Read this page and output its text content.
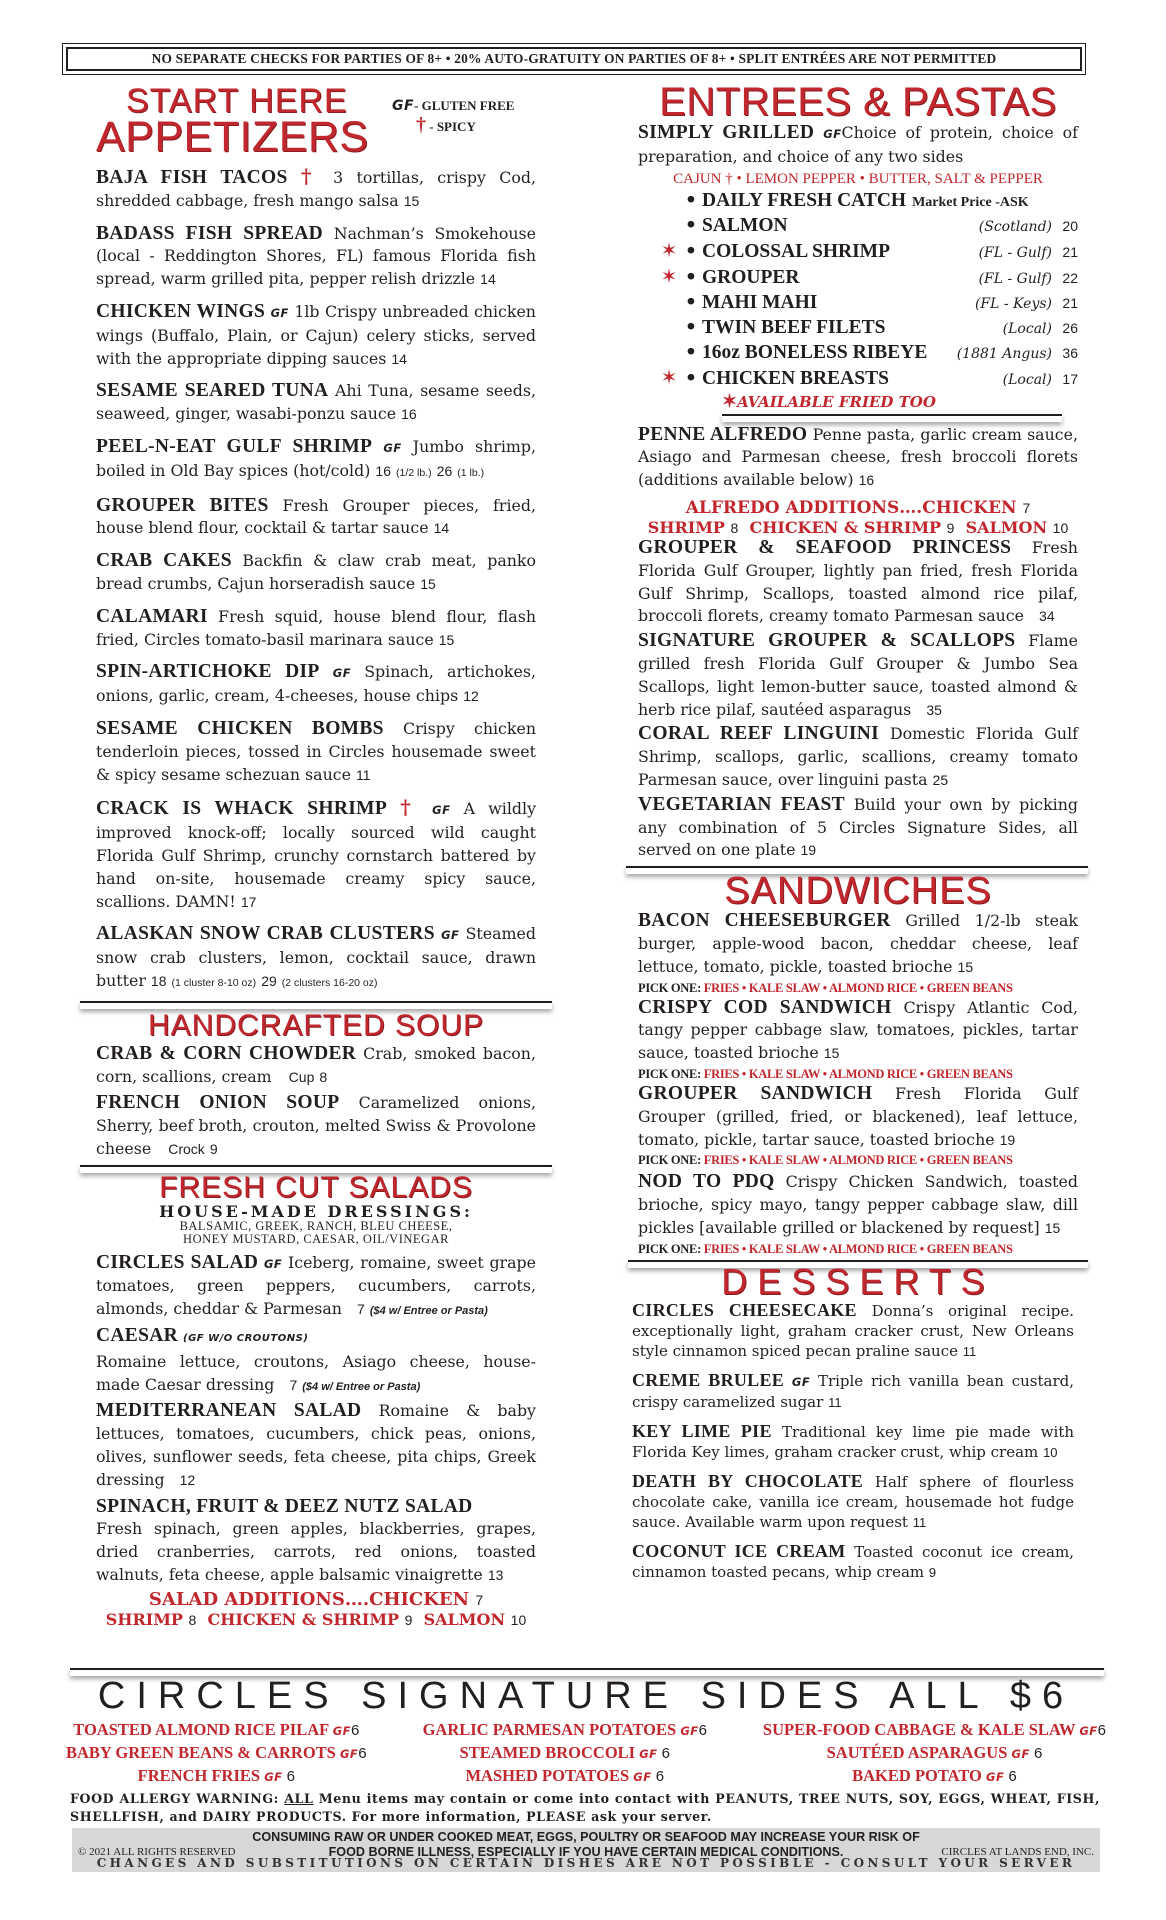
NO SEPARATE CHECKS FOR PARTIES OF 8+ • 20% AUTO-GRATUITY ON PARTIES OF 8+ • SPLIT ENTRÉES ARE NOT PERMITTED
START HERE
APPETIZERS
GF- GLUTEN FREE
† - SPICY

BAJA FISH TACOS † 3 tortillas, crispy Cod, shredded cabbage, fresh mango salsa 15

BADASS FISH SPREAD Nachman’s Smokehouse (local - Reddington Shores, FL) famous Florida fish spread, warm grilled pita, pepper relish drizzle 14

CHICKEN WINGS GF 1lb Crispy unbreaded chicken wings (Buffalo, Plain, or Cajun) celery sticks, served with the appropriate dipping sauces 14

SESAME SEARED TUNA Ahi Tuna, sesame seeds, seaweed, ginger, wasabi-ponzu sauce 16

PEEL-N-EAT GULF SHRIMP GF Jumbo shrimp, boiled in Old Bay spices (hot/cold) 16 (1/2 lb.) 26 (1 lb.)

GROUPER BITES Fresh Grouper pieces, fried, house blend flour, cocktail & tartar sauce 14

CRAB CAKES Backfin & claw crab meat, panko bread crumbs, Cajun horseradish sauce 15

CALAMARI Fresh squid, house blend flour, flash fried, Circles tomato-basil marinara sauce 15

SPIN-ARTICHOKE DIP GF Spinach, artichokes, onions, garlic, cream, 4-cheeses, house chips 12

SESAME CHICKEN BOMBS Crispy chicken tenderloin pieces, tossed in Circles housemade sweet & spicy sesame schezuan sauce 11

CRACK IS WHACK SHRIMP † GF A wildly improved knock-off; locally sourced wild caught Florida Gulf Shrimp, crunchy cornstarch battered by hand on-site, housemade creamy spicy sauce, scallions. DAMN! 17

ALASKAN SNOW CRAB CLUSTERS GF Steamed snow crab clusters, lemon, cocktail sauce, drawn butter 18 (1 cluster 8-10 oz) 29 (2 clusters 16-20 oz)

HANDCRAFTED SOUP

CRAB & CORN CHOWDER Crab, smoked bacon, corn, scallions, cream Cup 8

FRENCH ONION SOUP Caramelized onions, Sherry, beef broth, crouton, melted Swiss & Provolone cheese Crock 9

FRESH CUT SALADS
HOUSE-MADE DRESSINGS:
BALSAMIC, GREEK, RANCH, BLEU CHEESE,
HONEY MUSTARD, CAESAR, OIL/VINEGAR

CIRCLES SALAD GF Iceberg, romaine, sweet grape tomatoes, green peppers, cucumbers, carrots, almonds, cheddar & Parmesan 7 ($4 w/ Entree or Pasta)

CAESAR (GF W/O CROUTONS)
Romaine lettuce, croutons, Asiago cheese, house-made Caesar dressing 7 ($4 w/ Entree or Pasta)

MEDITERRANEAN SALAD Romaine & baby lettuces, tomatoes, cucumbers, chick peas, onions, olives, sunflower seeds, feta cheese, pita chips, Greek dressing 12

SPINACH, FRUIT & DEEZ NUTZ SALAD
Fresh spinach, green apples, blackberries, grapes, dried cranberries, carrots, red onions, toasted walnuts, feta cheese, apple balsamic vinaigrette 13

SALAD ADDITIONS….CHICKEN 7
SHRIMP 8 CHICKEN & SHRIMP 9 SALMON 10
ENTREES & PASTAS

SIMPLY GRILLED GFChoice of protein, choice of preparation, and choice of any two sides

CAJUN † • LEMON PEPPER • BUTTER, SALT & PEPPER
• DAILY FRESH CATCH Market Price -ASK
• SALMON	(Scotland) 20
✶ • COLOSSAL SHRIMP	(FL - Gulf) 21
✶ • GROUPER	(FL - Gulf) 22
• MAHI MAHI	(FL - Keys) 21
• TWIN BEEF FILETS	(Local) 26
• 16oz BONELESS RIBEYE (1881 Angus) 36
✶ • CHICKEN BREASTS	(Local) 17
✶AVAILABLE FRIED TOO

PENNE ALFREDO Penne pasta, garlic cream sauce, Asiago and Parmesan cheese, fresh broccoli florets (additions available below) 16

ALFREDO ADDITIONS….CHICKEN 7
SHRIMP 8 CHICKEN & SHRIMP 9 SALMON 10

GROUPER & SEAFOOD PRINCESS Fresh Florida Gulf Grouper, lightly pan fried, fresh Florida Gulf Shrimp, Scallops, toasted almond rice pilaf, broccoli florets, creamy tomato Parmesan sauce 34

SIGNATURE GROUPER & SCALLOPS Flame grilled fresh Florida Gulf Grouper & Jumbo Sea Scallops, light lemon-butter sauce, toasted almond & herb rice pilaf, sautéed asparagus 35

CORAL REEF LINGUINI Domestic Florida Gulf Shrimp, scallops, garlic, scallions, creamy tomato Parmesan sauce, over linguini pasta 25

VEGETARIAN FEAST Build your own by picking any combination of 5 Circles Signature Sides, all served on one plate 19

SANDWICHES

BACON CHEESEBURGER Grilled 1/2-lb steak burger, apple-wood bacon, cheddar cheese, leaf lettuce, tomato, pickle, toasted brioche 15

PICK ONE: FRIES • KALE SLAW • ALMOND RICE • GREEN BEANS

CRISPY COD SANDWICH Crispy Atlantic Cod, tangy pepper cabbage slaw, tomatoes, pickles, tartar sauce, toasted brioche 15

PICK ONE: FRIES • KALE SLAW • ALMOND RICE • GREEN BEANS

GROUPER SANDWICH Fresh Florida Gulf Grouper (grilled, fried, or blackened), leaf lettuce, tomato, pickle, tartar sauce, toasted brioche 19

PICK ONE: FRIES • KALE SLAW • ALMOND RICE • GREEN BEANS

NOD TO PDQ Crispy Chicken Sandwich, toasted brioche, spicy mayo, tangy pepper cabbage slaw, dill pickles [available grilled or blackened by request] 15

PICK ONE: FRIES • KALE SLAW • ALMOND RICE • GREEN BEANS
DESSERTS

CIRCLES CHEESECAKE Donna’s original recipe. exceptionally light, graham cracker crust, New Orleans style cinnamon spiced pecan praline sauce 11

CREME BRULEE GF Triple rich vanilla bean custard, crispy caramelized sugar 11

KEY LIME PIE Traditional key lime pie made with Florida Key limes, graham cracker crust, whip cream 10

DEATH BY CHOCOLATE Half sphere of flourless chocolate cake, vanilla ice cream, housemade hot fudge sauce. Available warm upon request 11

COCONUT ICE CREAM Toasted coconut ice cream, cinnamon toasted pecans, whip cream 9

CIRCLES SIGNATURE SIDES ALL $6
TOASTED ALMOND RICE PILAF GF6
BABY GREEN BEANS & CARROTS GF6
FRENCH FRIES GF 6
GARLIC PARMESAN POTATOES GF6
STEAMED BROCCOLI GF 6
MASHED POTATOES GF 6
SUPER-FOOD CABBAGE & KALE SLAW GF6
SAUTÉED ASPARAGUS GF 6
BAKED POTATO GF 6
FOOD ALLERGY WARNING: ALL Menu items may contain or come into contact with PEANUTS, TREE NUTS, SOY, EGGS, WHEAT, FISH, SHELLFISH, and DAIRY PRODUCTS. For more information, PLEASE ask your server.
CONSUMING RAW OR UNDER COOKED MEAT, EGGS, POULTRY OR SEAFOOD MAY INCREASE YOUR RISK OF
FOOD BORNE ILLNESS, ESPECIALLY IF YOU HAVE CERTAIN MEDICAL CONDITIONS.
© 2021 ALL RIGHTS RESERVED	CIRCLES AT LANDS END, INC.
CHANGES AND SUBSTITUTIONS ON CERTAIN DISHES ARE NOT POSSIBLE - CONSULT YOUR SERVER
